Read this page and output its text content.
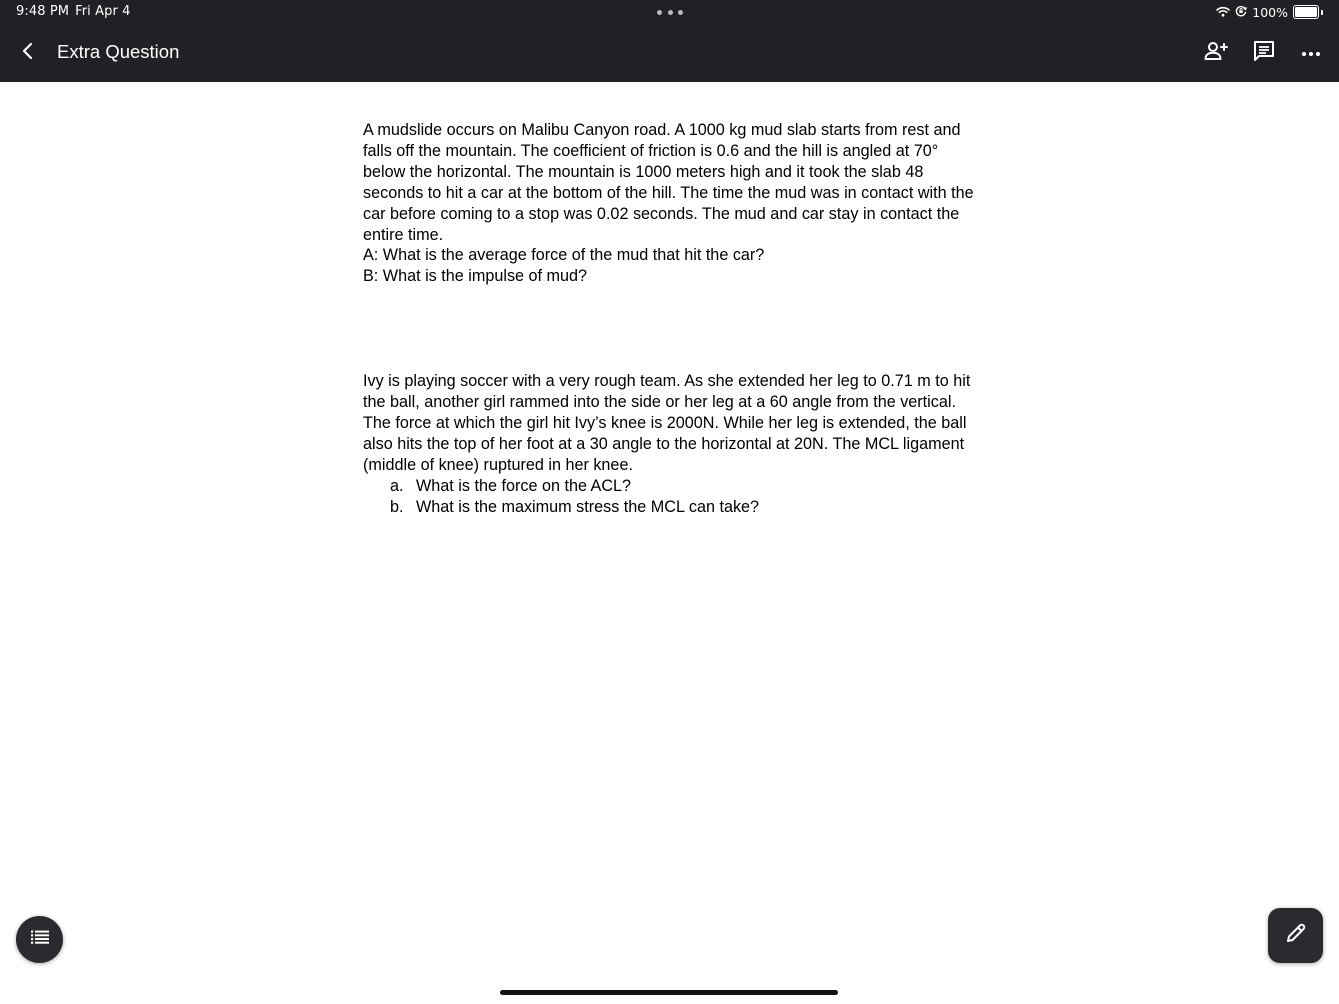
9:48 PM Fri Apr 4	100%
Extra Question

A mudslide occurs on Malibu Canyon road. A 1000 kg mud slab starts from rest and

falls off the mountain. The coefficient of friction is 0.6 and the hill is angled at 70°

below the horizontal. The mountain is 1000 meters high and it took the slab 48

seconds to hit a car at the bottom of the hill. The time the mud was in contact with the

car before coming to a stop was 0.02 seconds. The mud and car stay in contact the

entire time.

A: What is the average force of the mud that hit the car?

B: What is the impulse of mud?

Ivy is playing soccer with a very rough team. As she extended her leg to 0.71 m to hit

the ball, another girl rammed into the side or her leg at a 60 angle from the vertical.

The force at which the girl hit Ivy’s knee is 2000N. While her leg is extended, the ball

also hits the top of her foot at a 30 angle to the horizontal at 20N. The MCL ligament

(middle of knee) ruptured in her knee.

a. What is the force on the ACL?
b. What is the maximum stress the MCL can take?
